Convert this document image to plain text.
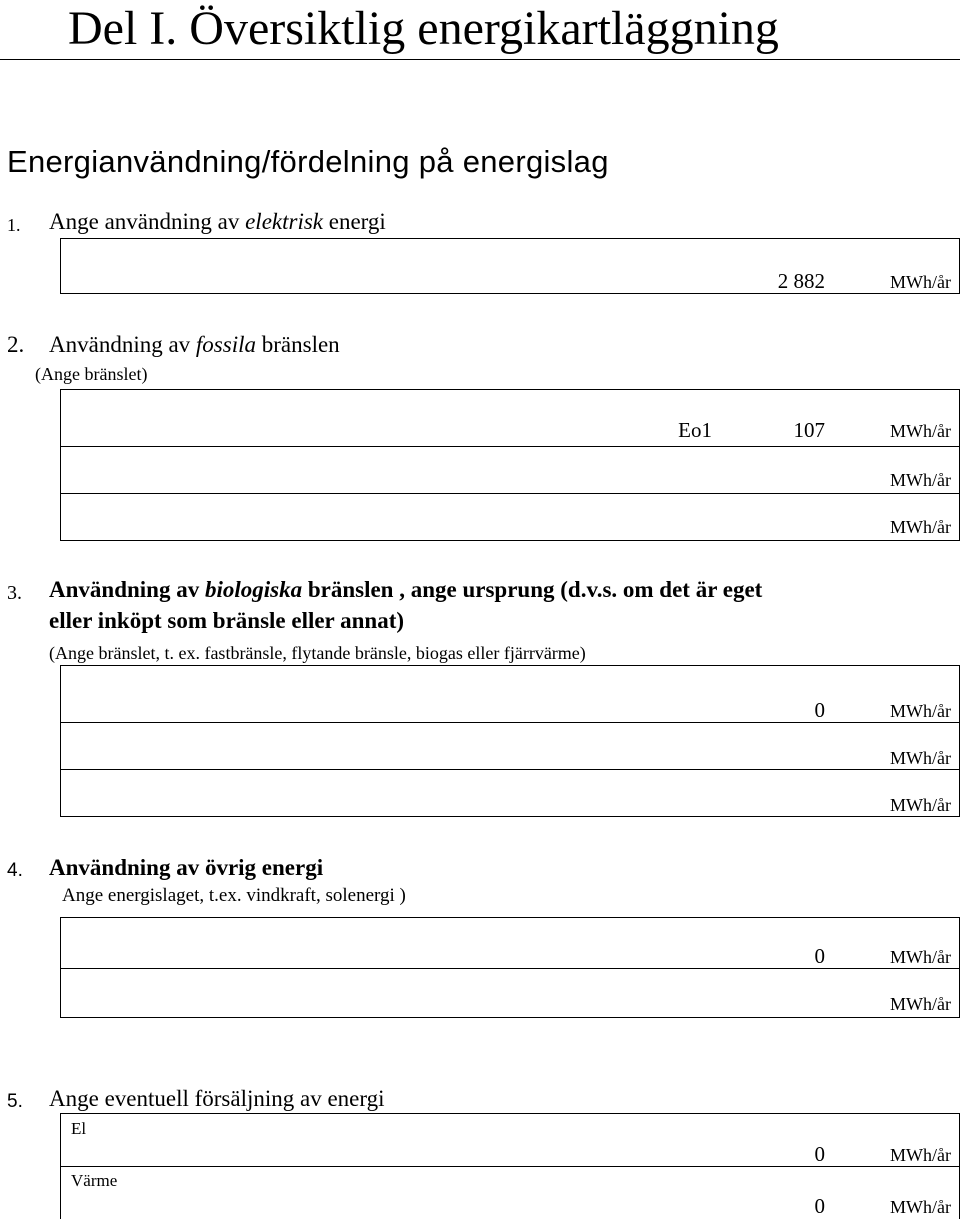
Del I. Översiktlig energikartläggning
Energianvändning/fördelning på energislag
1. Ange användning av elektrisk energi
2 882	MWh/år
2. Användning av fossila bränslen
(Ange bränslet)
Eo1	107	MWh/år
MWh/år
MWh/år
3. Användning av biologiska bränslen , ange ursprung (d.v.s. om det är eget
eller inköpt som bränsle eller annat)
(Ange bränslet, t. ex. fastbränsle, flytande bränsle, biogas eller fjärrvärme)
0	MWh/år
MWh/år
MWh/år
4. Användning av övrig energi
Ange energislaget, t.ex. vindkraft, solenergi )
0	MWh/år
MWh/år
5. Ange eventuell försäljning av energi
El
0	MWh/år
Värme
0	MWh/år
